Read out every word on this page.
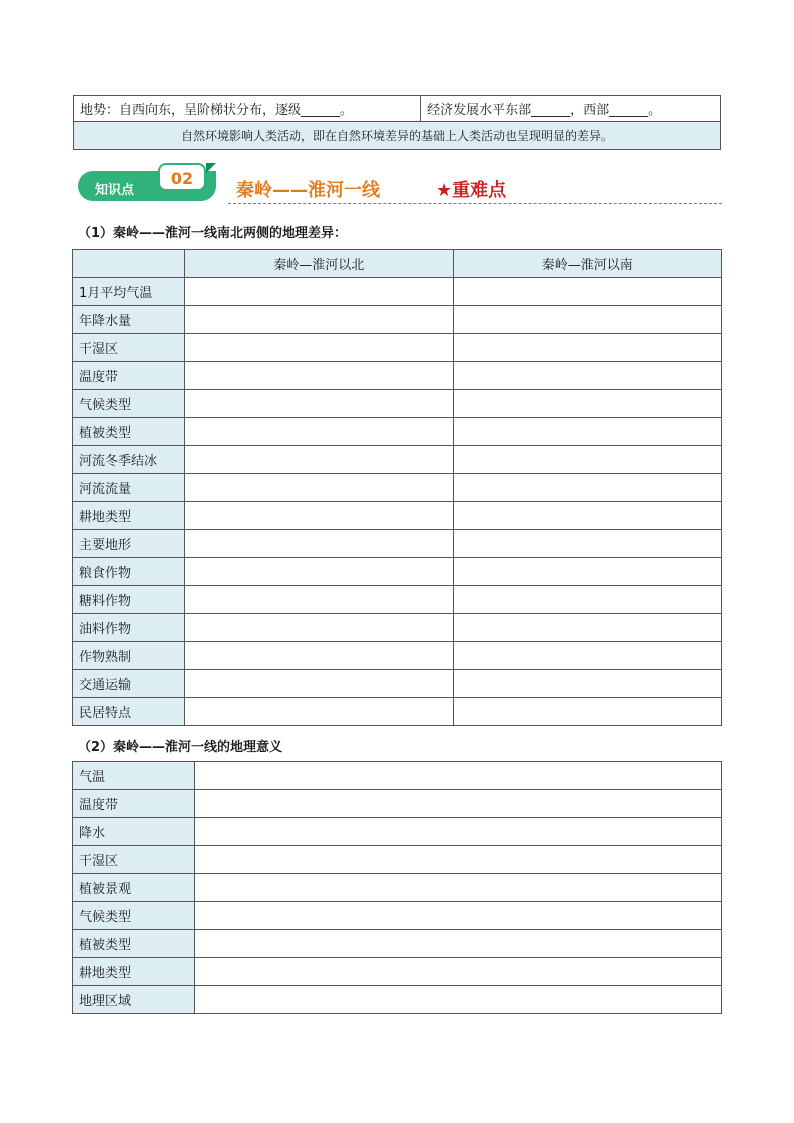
地势：自西向东，呈阶梯状分布，逐级______。	经济发展水平东部______，西部______。
自然环境影响人类活动，即在自然环境差异的基础上人类活动也呈现明显的差异。
知识点
02
秦岭——淮河一线	★重难点
（1）秦岭——淮河一线南北两侧的地理差异：
	秦岭—淮河以北	秦岭—淮河以南
1月平均气温		
年降水量		
干湿区		
温度带		
气候类型		
植被类型		
河流冬季结冰		
河流流量		
耕地类型		
主要地形		
粮食作物		
糖料作物		
油料作物		
作物熟制		
交通运输		
民居特点		
（2）秦岭——淮河一线的地理意义
气温	
温度带	
降水	
干湿区	
植被景观	
气候类型	
植被类型	
耕地类型	
地理区域	
